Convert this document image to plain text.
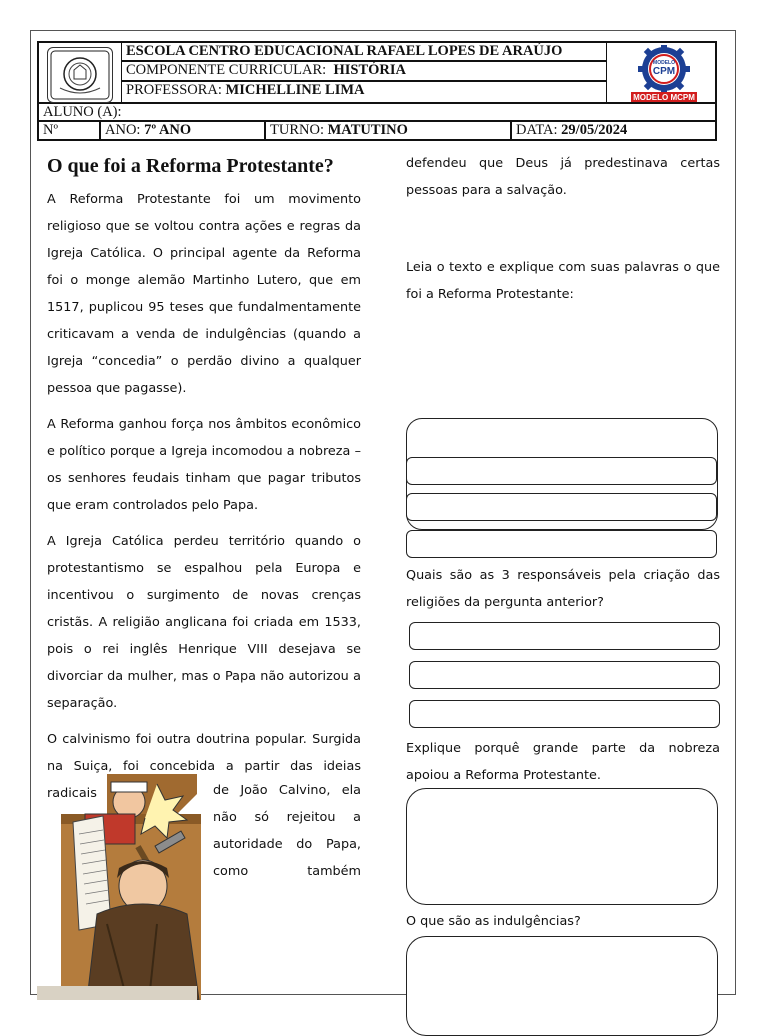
ESCOLA CENTRO EDUCACIONAL RAFAEL LOPES DE ARAÚJO
COMPONENTE CURRICULAR: HISTÓRIA
PROFESSORA: MICHELLINE LIMA
MODELO
CPM
MODELO MCPM
ALUNO (A):
Nº	ANO: 7º ANO	TURNO: MATUTINO	DATA: 29/05/2024
O que foi a Reforma Protestante?

A Reforma Protestante foi um movimento religioso que se voltou contra ações e regras da Igreja Católica. O principal agente da Reforma foi o monge alemão Martinho Lutero, que em 1517, puplicou 95 teses que fundalmentamente criticavam a venda de indulgências (quando a Igreja “concedia” o perdão divino a qualquer pessoa que pagasse).

A Reforma ganhou força nos âmbitos econômico e político porque a Igreja incomodou a nobreza – os senhores feudais tinham que pagar tributos que eram controlados pelo Papa.

A Igreja Católica perdeu território quando o protestantismo se espalhou pela Europa e incentivou o surgimento de novas crenças cristãs. A religião anglicana foi criada em 1533, pois o rei inglês Henrique VIII desejava se divorciar da mulher, mas o Papa não autorizou a separação.

O calvinismo foi outra doutrina popular. Surgida na Suiça, foi concebida a partir das ideias radicais	de João Calvino, ela
não só rejeitou a
autoridade do Papa,
como também

defendeu que Deus já predestinava certas pessoas para a salvação.

Leia o texto e explique com suas palavras o que foi a Reforma Protestante:

Quais são as 3 responsáveis pela criação das religiões da pergunta anterior?

Explique porquê grande parte da nobreza apoiou a Reforma Protestante.

O que são as indulgências?
